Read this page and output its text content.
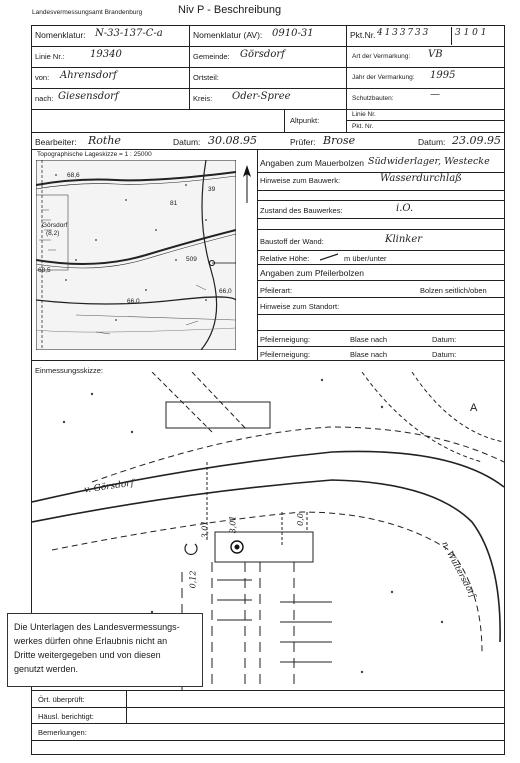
Landesvermessungsamt Brandenburg	Niv P - Beschreibung
Nomenklatur: N-33-137-C-a	Nomenklatur (AV): 0910-31	Pkt.Nr. 4 1 3 3 7 3 3	3 1 0 1
Linie Nr.:	19340	Gemeinde: Görsdorf	Art der Vermarkung: VB
von: Ahrensdorf	Ortsteil:	Jahr der Vermarkung: 1995
nach: Giesensdorf	Kreis: Oder-Spree	Schutzbauten:	—
Altpunkt:
Linie Nr.
Pkt. Nr.
Bearbeiter: Rothe	Datum: 30.08.95	Prüfer: Brose	Datum: 23.09.95
Topographische Lageskizze = 1 : 25000
68,6
39
81
Görsdorf
(8,2)
68,5
509
66,0
66,0
Angaben zum Mauerbolzen Südwiderlager, Westecke
Hinweise zum Bauwerk:	Wasserdurchlaß
Zustand des Bauwerkes:	i.O.
Baustoff der Wand:	Klinker
Relative Höhe:	m über/unter
Angaben zum Pfeilerbolzen
Pfeilerart:	Bolzen seitlich/oben
Hinweise zum Standort:
Pfeilerneigung:	Blase nach	Datum:
Pfeilerneigung:	Blase nach	Datum:
Einmessungsskizze:
A
v. Görsdorf
n. Wultersdorf
3,01 3,01	0,0
0,12
Die Unterlagen des Landesvermessungs-
werkes dürfen ohne Erlaubnis nicht an
Dritte weitergegeben und von diesen
genutzt werden.
Ört. überprüft:
Häusl. berichtigt:
Bemerkungen:
